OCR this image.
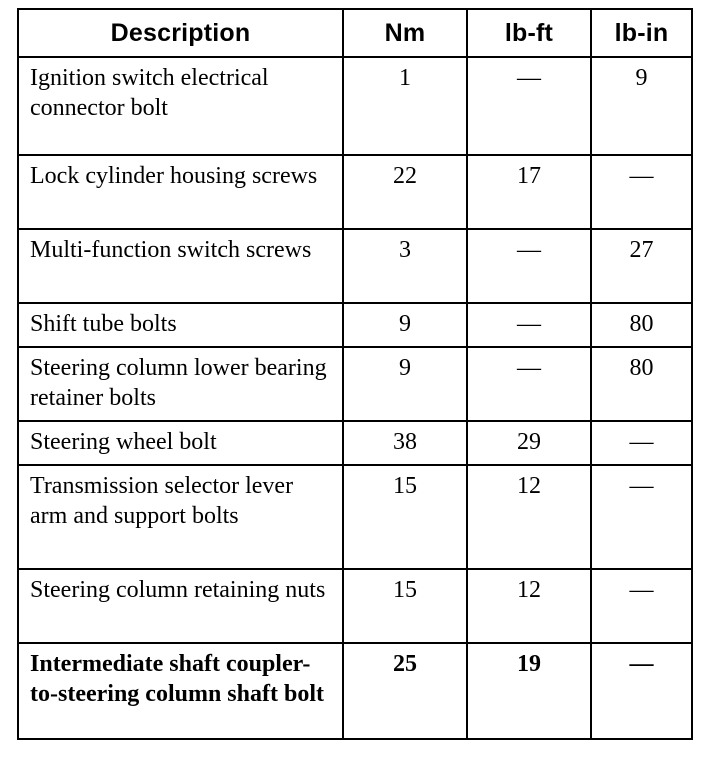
Description	Nm	lb-ft	lb-in
Ignition switch electrical connector bolt	1	—	9
Lock cylinder housing screws	22	17	—
Multi-function switch screws	3	—	27
Shift tube bolts	9	—	80
Steering column lower bearing retainer bolts	9	—	80
Steering wheel bolt	38	29	—
Transmission selector lever arm and support bolts	15	12	—
Steering column retaining nuts	15	12	—
Intermediate shaft coupler-to-steering column shaft bolt	25	19	—
